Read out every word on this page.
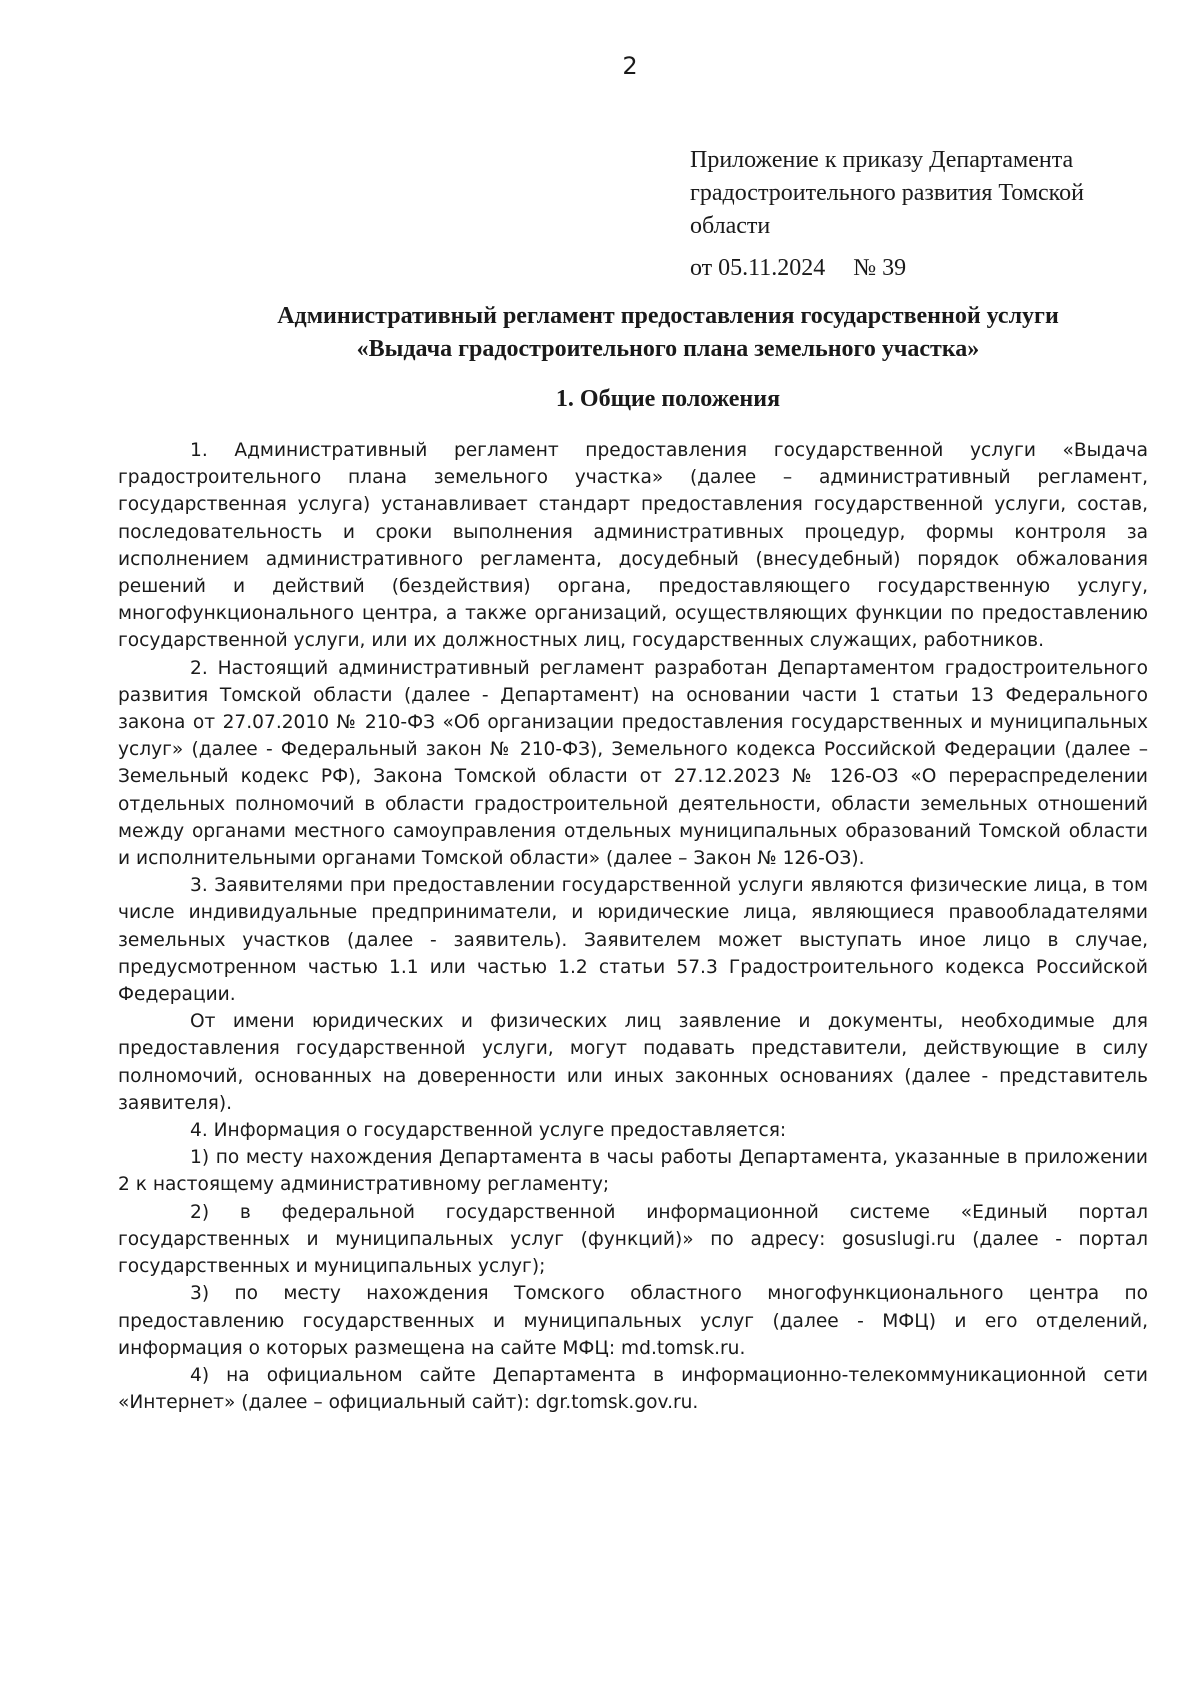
2
Приложение к приказу Департамента градостроительного развития Томской области
от 05.11.2024 № 39
Административный регламент предоставления государственной услуги
«Выдача градостроительного плана земельного участка»
1. Общие положения

1. Административный регламент предоставления государственной услуги «Выдача градостроительного плана земельного участка» (далее – административный регламент, государственная услуга) устанавливает стандарт предоставления государственной услуги, состав, последовательность и сроки выполнения административных процедур, формы контроля за исполнением административного регламента, досудебный (внесудебный) порядок обжалования решений и действий (бездействия) органа, предоставляющего государственную услугу, многофункционального центра, а также организаций, осуществляющих функции по предоставлению государственной услуги, или их должностных лиц, государственных служащих, работников.

2. Настоящий административный регламент разработан Департаментом градостроительного развития Томской области (далее - Департамент) на основании части 1 статьи 13 Федерального закона от 27.07.2010 № 210-ФЗ «Об организации предоставления государственных и муниципальных услуг» (далее - Федеральный закон № 210-ФЗ), Земельного кодекса Российской Федерации (далее – Земельный кодекс РФ), Закона Томской области от 27.12.2023 № 126-ОЗ «О перераспределении отдельных полномочий в области градостроительной деятельности, области земельных отношений между органами местного самоуправления отдельных муниципальных образований Томской области и исполнительными органами Томской области» (далее – Закон № 126-ОЗ).

3. Заявителями при предоставлении государственной услуги являются физические лица, в том числе индивидуальные предприниматели, и юридические лица, являющиеся правообладателями земельных участков (далее - заявитель). Заявителем может выступать иное лицо в случае, предусмотренном частью 1.1 или частью 1.2 статьи 57.3 Градостроительного кодекса Российской Федерации.

От имени юридических и физических лиц заявление и документы, необходимые для предоставления государственной услуги, могут подавать представители, действующие в силу полномочий, основанных на доверенности или иных законных основаниях (далее - представитель заявителя).

4. Информация о государственной услуге предоставляется:

1) по месту нахождения Департамента в часы работы Департамента, указанные в приложении 2 к настоящему административному регламенту;

2) в федеральной государственной информационной системе «Единый портал государственных и муниципальных услуг (функций)» по адресу: gosuslugi.ru (далее - портал государственных и муниципальных услуг);

3) по месту нахождения Томского областного многофункционального центра по предоставлению государственных и муниципальных услуг (далее - МФЦ) и его отделений, информация о которых размещена на сайте МФЦ: md.tomsk.ru.

4) на официальном сайте Департамента в информационно-телекоммуникационной сети «Интернет» (далее – официальный сайт): dgr.tomsk.gov.ru.
